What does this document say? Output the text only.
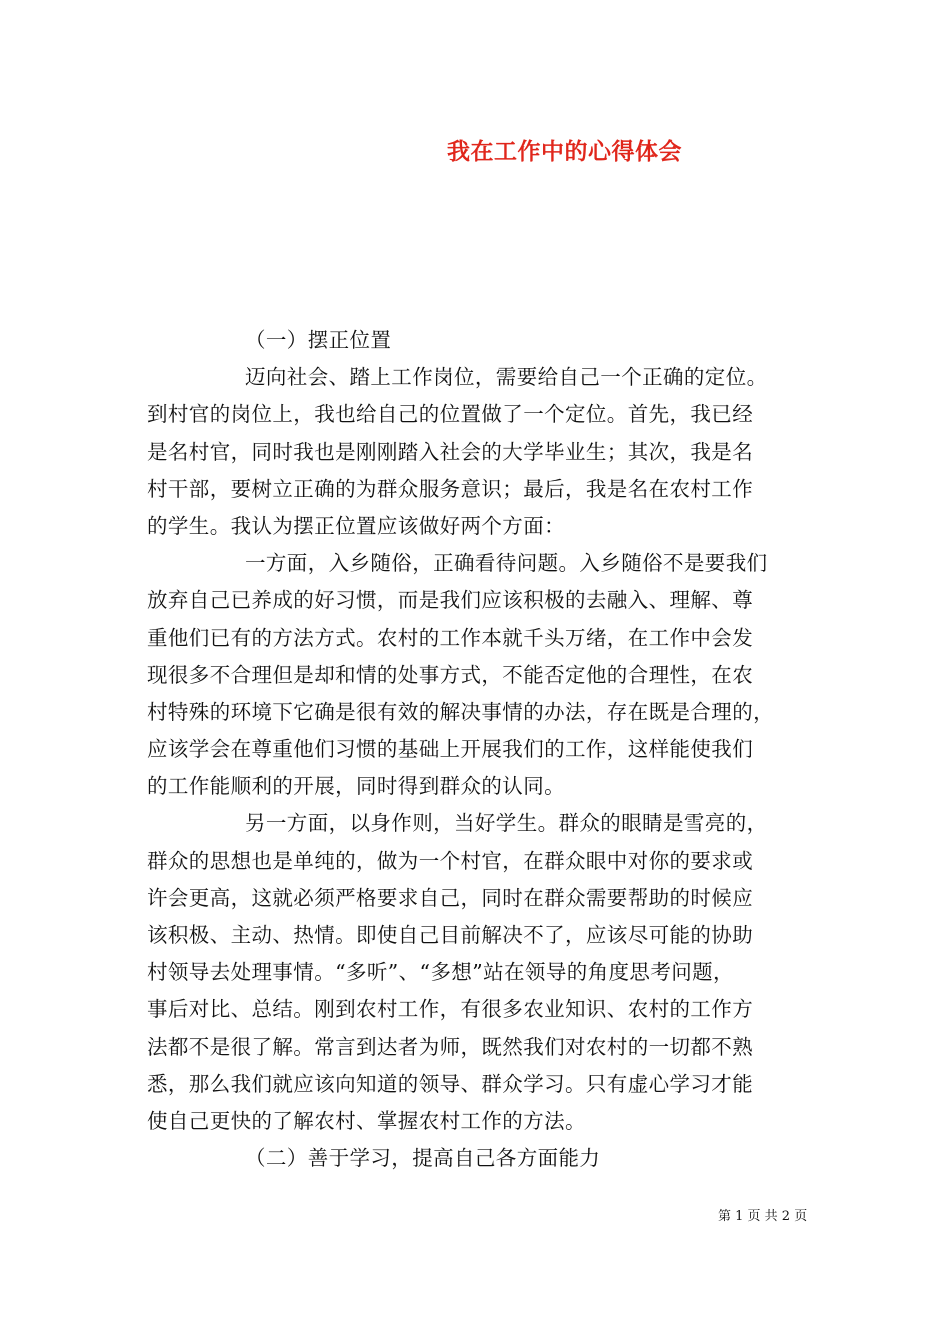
我在工作中的心得体会
（一）摆正位置
迈向社会、踏上工作岗位，需要给自己一个正确的定位。
到村官的岗位上，我也给自己的位置做了一个定位。首先，我已经
是名村官，同时我也是刚刚踏入社会的大学毕业生；其次，我是名
村干部，要树立正确的为群众服务意识；最后，我是名在农村工作
的学生。我认为摆正位置应该做好两个方面：
一方面，入乡随俗，正确看待问题。入乡随俗不是要我们
放弃自己已养成的好习惯，而是我们应该积极的去融入、理解、尊
重他们已有的方法方式。农村的工作本就千头万绪，在工作中会发
现很多不合理但是却和情的处事方式，不能否定他的合理性，在农
村特殊的环境下它确是很有效的解决事情的办法，存在既是合理的，
应该学会在尊重他们习惯的基础上开展我们的工作，这样能使我们
的工作能顺利的开展，同时得到群众的认同。
另一方面，以身作则，当好学生。群众的眼睛是雪亮的，
群众的思想也是单纯的，做为一个村官，在群众眼中对你的要求或
许会更高，这就必须严格要求自己，同时在群众需要帮助的时候应
该积极、主动、热情。即使自己目前解决不了，应该尽可能的协助
村领导去处理事情。“多听”、“多想”站在领导的角度思考问题，
事后对比、总结。刚到农村工作，有很多农业知识、农村的工作方
法都不是很了解。常言到达者为师，既然我们对农村的一切都不熟
悉，那么我们就应该向知道的领导、群众学习。只有虚心学习才能
使自己更快的了解农村、掌握农村工作的方法。
（二）善于学习，提高自己各方面能力
第 1 页 共 2 页
